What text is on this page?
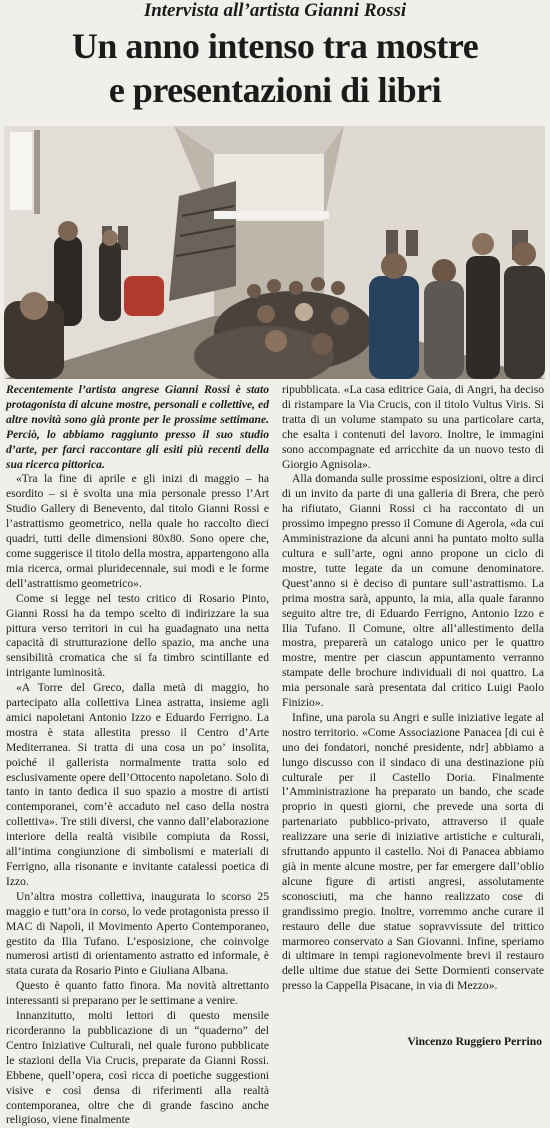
Intervista all’artista Gianni Rossi
Un anno intenso tra mostre
e presentazioni di libri

Recentemente l’artista angrese Gianni Rossi è stato protagonista di alcune mostre, personali e collettive, ed altre novità sono già pronte per le prossime settimane. Perciò, lo abbiamo raggiunto presso il suo studio d’arte, per farci raccontare gli esiti più recenti della sua ricerca pittorica.

«Tra la fine di aprile e gli inizi di maggio – ha esordito – si è svolta una mia personale presso l’Art Studio Gallery di Benevento, dal titolo Gianni Rossi e l’astrattismo geometrico, nella quale ho raccolto dieci quadri, tutti delle dimensioni 80x80. Sono opere che, come suggerisce il titolo della mostra, appartengono alla mia ricerca, ormai pluridecennale, sui modi e le forme dell’astrattismo geometrico».

Come si legge nel testo critico di Rosario Pinto, Gianni Rossi ha da tempo scelto di indirizzare la sua pittura verso territori in cui ha guadagnato una netta capacità di strutturazione dello spazio, ma anche una sensibilità cromatica che si fa timbro scintillante ed intrigante luminosità.

«A Torre del Greco, dalla metà di maggio, ho partecipato alla collettiva Linea astratta, insieme agli amici napoletani Antonio Izzo e Eduardo Ferrigno. La mostra è stata allestita presso il Centro d’Arte Mediterranea. Si tratta di una cosa un po’ insolita, poiché il gallerista normalmente tratta solo ed esclusivamente opere dell’Ottocento napoletano. Solo di tanto in tanto dedica il suo spazio a mostre di artisti contemporanei, com’è accaduto nel caso della nostra collettiva». Tre stili diversi, che vanno dall’elaborazione interiore della realtà visibile compiuta da Rossi, all’intima congiunzione di simbolismi e materiali di Ferrigno, alla risonante e invitante catalessi poetica di Izzo.

Un’altra mostra collettiva, inaugurata lo scorso 25 maggio e tutt’ora in corso, lo vede protagonista presso il MAC di Napoli, il Movimento Aperto Contemporaneo, gestito da Ilia Tufano. L’esposizione, che coinvolge numerosi artisti di orientamento astratto ed informale, è stata curata da Rosario Pinto e Giuliana Albana.

Questo è quanto fatto finora. Ma novità altrettanto interessanti si preparano per le settimane a venire.

Innanzitutto, molti lettori di questo mensile ricorderanno la pubblicazione di un “quaderno” del Centro Iniziative Culturali, nel quale furono pubblicate le stazioni della Via Crucis, preparate da Gianni Rossi. Ebbene, quell’opera, così ricca di poetiche suggestioni visive e così densa di riferimenti alla realtà contemporanea, oltre che di grande fascino anche religioso, viene finalmente

ripubblicata. «La casa editrice Gaia, di Angri, ha deciso di ristampare la Via Crucis, con il titolo Vultus Viris. Si tratta di un volume stampato su una particolare carta, che esalta i contenuti del lavoro. Inoltre, le immagini sono accompagnate ed arricchite da un nuovo testo di Giorgio Agnisola».

Alla domanda sulle prossime esposizioni, oltre a dirci di un invito da parte di una galleria di Brera, che però ha rifiutato, Gianni Rossi ci ha raccontato di un prossimo impegno presso il Comune di Agerola, «da cui Amministrazione da alcuni anni ha puntato molto sulla cultura e sull’arte, ogni anno propone un ciclo di mostre, tutte legate da un comune denominatore. Quest’anno si è deciso di puntare sull’astrattismo. La prima mostra sarà, appunto, la mia, alla quale faranno seguito altre tre, di Eduardo Ferrigno, Antonio Izzo e Ilia Tufano. Il Comune, oltre all’allestimento della mostra, preparerà un catalogo unico per le quattro mostre, mentre per ciascun appuntamento verranno stampate delle brochure individuali di noi quattro. La mia personale sarà presentata dal critico Luigi Paolo Finizio».

Infine, una parola su Angri e sulle iniziative legate al nostro territorio. «Come Associazione Panacea [di cui è uno dei fondatori, nonché presidente, ndr] abbiamo a lungo discusso con il sindaco di una destinazione più culturale per il Castello Doria. Finalmente l’Amministrazione ha preparato un bando, che scade proprio in questi giorni, che prevede una sorta di partenariato pubblico-privato, attraverso il quale realizzare una serie di iniziative artistiche e culturali, sfruttando appunto il castello. Noi di Panacea abbiamo già in mente alcune mostre, per far emergere dall’oblio alcune figure di artisti angresi, assolutamente sconosciuti, ma che hanno realizzato cose di grandissimo pregio. Inoltre, vorremmo anche curare il restauro delle due statue sopravvissute del trittico marmoreo conservato a San Giovanni. Infine, speriamo di ultimare in tempi ragionevolmente brevi il restauro delle ultime due statue dei Sette Dormienti conservate presso la Cappella Pisacane, in via di Mezzo».

Vincenzo Ruggiero Perrino
